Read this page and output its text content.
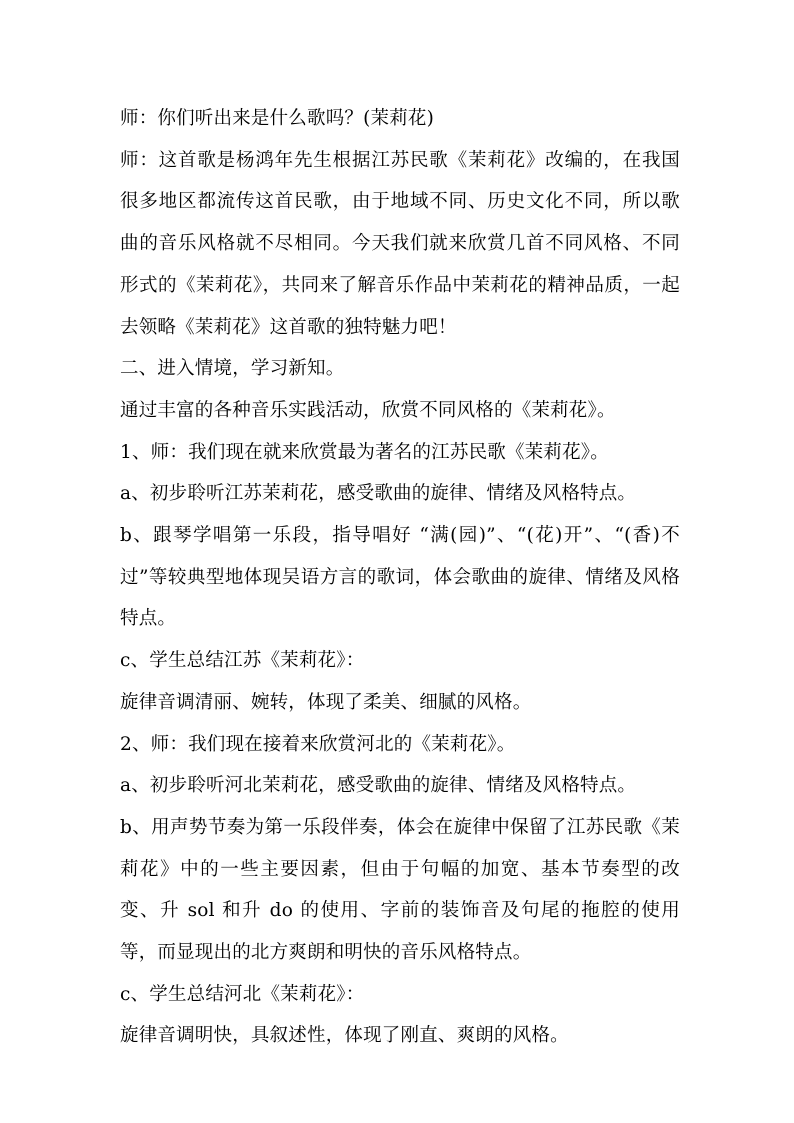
师：你们听出来是什么歌吗？(茉莉花)

师：这首歌是杨鸿年先生根据江苏民歌《茉莉花》改编的，在我国很多地区都流传这首民歌，由于地域不同、历史文化不同，所以歌曲的音乐风格就不尽相同。今天我们就来欣赏几首不同风格、不同形式的《茉莉花》，共同来了解音乐作品中茉莉花的精神品质，一起去领略《茉莉花》这首歌的独特魅力吧！

二、进入情境，学习新知。

通过丰富的各种音乐实践活动，欣赏不同风格的《茉莉花》。

1、师：我们现在就来欣赏最为著名的江苏民歌《茉莉花》。

a、初步聆听江苏茉莉花，感受歌曲的旋律、情绪及风格特点。

b、跟琴学唱第一乐段，指导唱好 “满(园)”、“(花)开”、“(香)不过”等较典型地体现吴语方言的歌词，体会歌曲的旋律、情绪及风格特点。

c、学生总结江苏《茉莉花》：

旋律音调清丽、婉转，体现了柔美、细腻的风格。

2、师：我们现在接着来欣赏河北的《茉莉花》。

a、初步聆听河北茉莉花，感受歌曲的旋律、情绪及风格特点。

b、用声势节奏为第一乐段伴奏，体会在旋律中保留了江苏民歌《茉莉花》中的一些主要因素，但由于句幅的加宽、基本节奏型的改变、升 sol 和升 do 的使用、字前的装饰音及句尾的拖腔的使用等，而显现出的北方爽朗和明快的音乐风格特点。

c、学生总结河北《茉莉花》：

旋律音调明快，具叙述性，体现了刚直、爽朗的风格。
